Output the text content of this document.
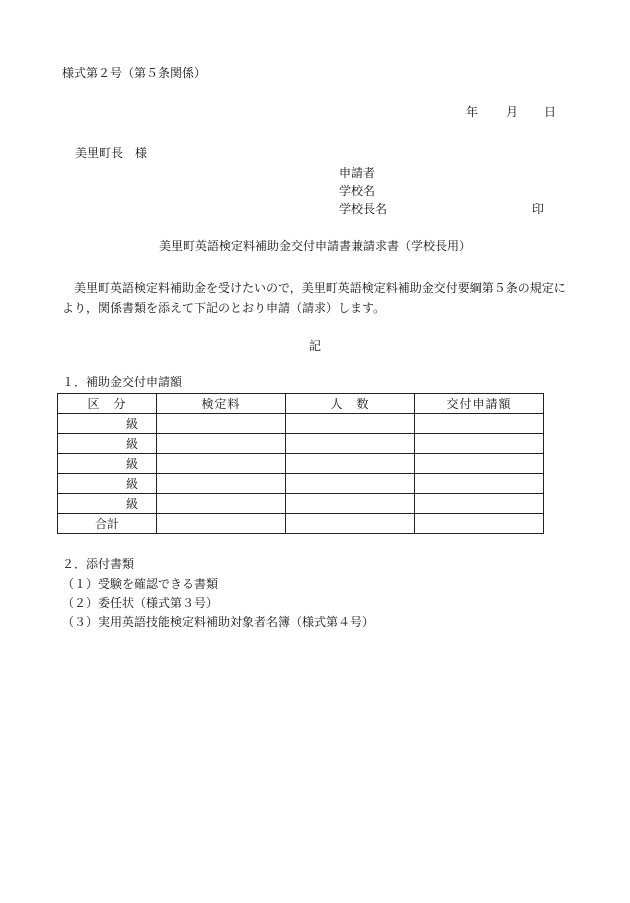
様式第２号（第５条関係）
年 月 日
美里町長　様
申請者
学校名
学校長名	印
美里町英語検定料補助金交付申請書兼請求書（学校長用）
美里町英語検定料補助金を受けたいので，美里町英語検定料補助金交付要綱第５条の規定により，関係書類を添えて下記のとおり申請（請求）します。
記
１．補助金交付申請額
区　分	検定料	人　数	交付申請額
級			
級			
級			
級			
級			
合計			
２．添付書類
（１）受験を確認できる書類
（２）委任状（様式第３号）
（３）実用英語技能検定料補助対象者名簿（様式第４号）
